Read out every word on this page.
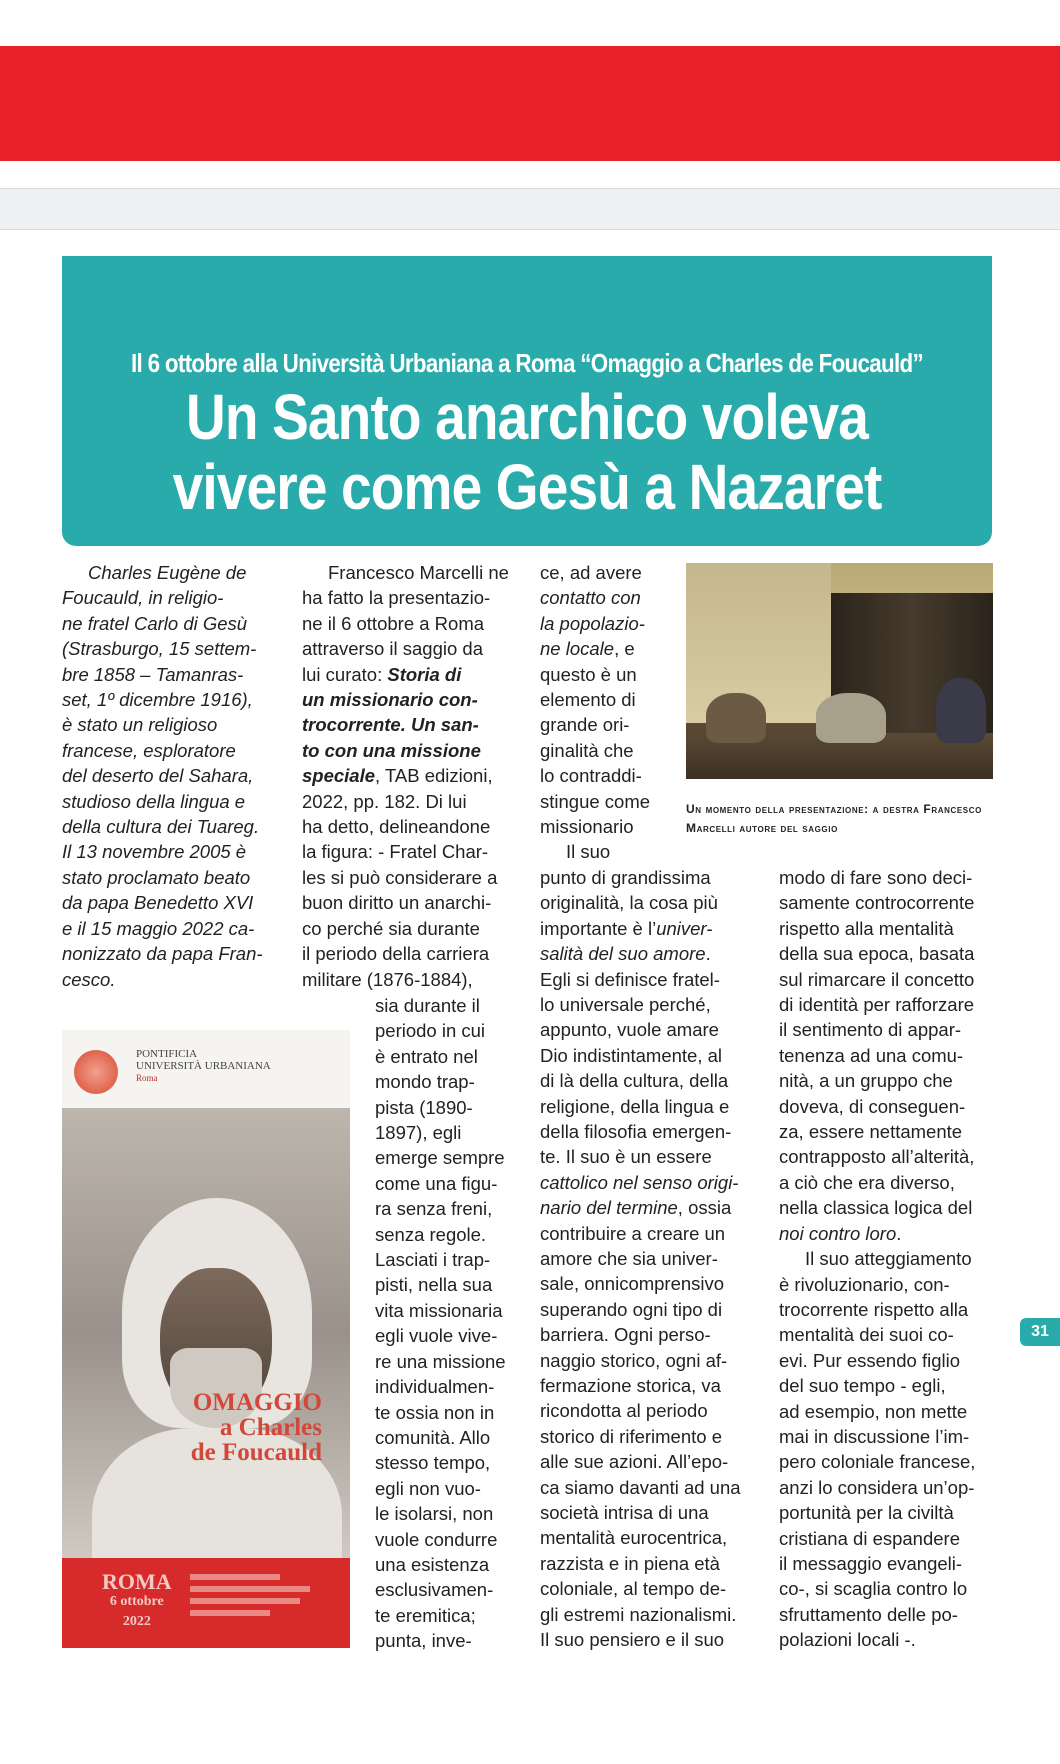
Il 6 ottobre alla Università Urbaniana a Roma “Omaggio a Charles de Foucauld”
Un Santo anarchico voleva
vivere come Gesù a Nazaret

Charles Eugène de

Foucauld, in religio-

ne fratel Carlo di Gesù

(Strasburgo, 15 settem-

bre 1858 – Tamanras-

set, 1º dicembre 1916),

è stato un religioso

francese, esploratore

del deserto del Sahara,

studioso della lingua e

della cultura dei Tuareg.

Il 13 novembre 2005 è

stato proclamato beato

da papa Benedetto XVI

e il 15 maggio 2022 ca-

nonizzato da papa Fran-

cesco.

Francesco Marcelli ne

ha fatto la presentazio-

ne il 6 ottobre a Roma

attraverso il saggio da

lui curato: Storia di

un missionario con-

trocorrente. Un san-

to con una missione

speciale, TAB edizioni,

2022, pp. 182. Di lui

ha detto, delineandone

la figura: - Fratel Char-

les si può considerare a

buon diritto un anarchi-

co perché sia durante

il periodo della carriera

militare (1876-1884),

sia durante il

periodo in cui

è entrato nel

mondo trap-

pista (1890-

1897), egli

emerge sempre

come una figu-

ra senza freni,

senza regole.

Lasciati i trap-

pisti, nella sua

vita missionaria

egli vuole vive-

re una missione

individualmen-

te ossia non in

comunità. Allo

stesso tempo,

egli non vuo-

le isolarsi, non

vuole condurre

una esistenza

esclusivamen-

te eremitica;

punta, inve-

ce, ad avere

contatto con

la popolazio-

ne locale, e

questo è un

elemento di

grande ori-

ginalità che

lo contraddi-

stingue come

missionario

Il suo

punto di grandissima

originalità, la cosa più

importante è l’univer-

salità del suo amore.

Egli si definisce fratel-

lo universale perché,

appunto, vuole amare

Dio indistintamente, al

di là della cultura, della

religione, della lingua e

della filosofia emergen-

te. Il suo è un essere

cattolico nel senso origi-

nario del termine, ossia

contribuire a creare un

amore che sia univer-

sale, onnicomprensivo

superando ogni tipo di

barriera. Ogni perso-

naggio storico, ogni af-

fermazione storica, va

ricondotta al periodo

storico di riferimento e

alle sue azioni. All’epo-

ca siamo davanti ad una

società intrisa di una

mentalità eurocentrica,

razzista e in piena età

coloniale, al tempo de-

gli estremi nazionalismi.

Il suo pensiero e il suo

Un momento della presentazione: a destra Francesco Marcelli autore del saggio

modo di fare sono deci-

samente controcorrente

rispetto alla mentalità

della sua epoca, basata

sul rimarcare il concetto

di identità per rafforzare

il sentimento di appar-

tenenza ad una comu-

nità, a un gruppo che

doveva, di conseguen-

za, essere nettamente

contrapposto all’alterità,

a ciò che era diverso,

nella classica logica del

noi contro loro.

Il suo atteggiamento

è rivoluzionario, con-

trocorrente rispetto alla

mentalità dei suoi co-

evi. Pur essendo figlio

del suo tempo - egli,

ad esempio, non mette

mai in discussione l’im-

pero coloniale francese,

anzi lo considera un’op-

portunità per la civiltà

cristiana di espandere

il messaggio evangeli-

co-, si scaglia contro lo

sfruttamento delle po-

polazioni locali -.

PONTIFICIA
UNIVERSITÀ URBANIANA
Roma
OMAGGIO
a Charles
de Foucauld
ROMA
6 ottobre
2022
31
